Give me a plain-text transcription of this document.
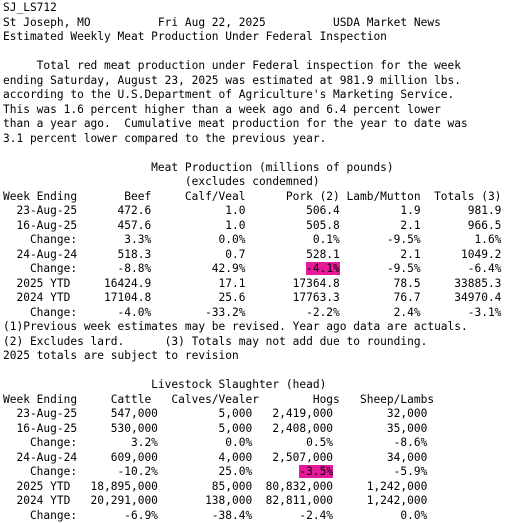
SJ_LS712
St Joseph, MO          Fri Aug 22, 2025          USDA Market News
Estimated Weekly Meat Production Under Federal Inspection
Total red meat production under Federal inspection for the week
ending Saturday, August 23, 2025 was estimated at 981.9 million lbs.
according to the U.S.Department of Agriculture's Marketing Service.
This was 1.6 percent higher than a week ago and 6.4 percent lower
than a year ago.  Cumulative meat production for the year to date was
3.1 percent lower compared to the previous year.
Meat Production (millions of pounds)
(excludes condemned)
Week Ending       Beef     Calf/Veal      Pork (2) Lamb/Mutton  Totals (3)
23-Aug-25      472.6           1.0         506.4         1.9       981.9
16-Aug-25      457.6           1.0         505.8         2.1       966.5
Change:       3.3%          0.0%          0.1%       -9.5%        1.6%
24-Aug-24      518.3           0.7         528.1         2.1      1049.2
Change:      -8.8%         42.9%         -4.1%       -9.5%       -6.4%
2025 YTD     16424.9          17.1       17364.8        78.5     33885.3
2024 YTD     17104.8          25.6       17763.3        76.7     34970.4
Change:      -4.0%        -33.2%         -2.2%        2.4%       -3.1%
(1)Previous week estimates may be revised. Year ago data are actuals.
(2) Excludes lard.      (3) Totals may not add due to rounding.
2025 totals are subject to revision
Livestock Slaughter (head)
Week Ending     Cattle   Calves/Vealer        Hogs   Sheep/Lambs
23-Aug-25     547,000         5,000   2,419,000        32,000
16-Aug-25     530,000         5,000   2,408,000        35,000
Change:        3.2%          0.0%        0.5%         -8.6%
24-Aug-24     609,000         4,000   2,507,000        34,000
Change:      -10.2%         25.0%       -3.5%         -5.9%
2025 YTD   18,895,000        85,000  80,832,000     1,242,000
2024 YTD   20,291,000       138,000  82,811,000     1,242,000
Change:       -6.9%        -38.4%       -2.4%          0.0%
